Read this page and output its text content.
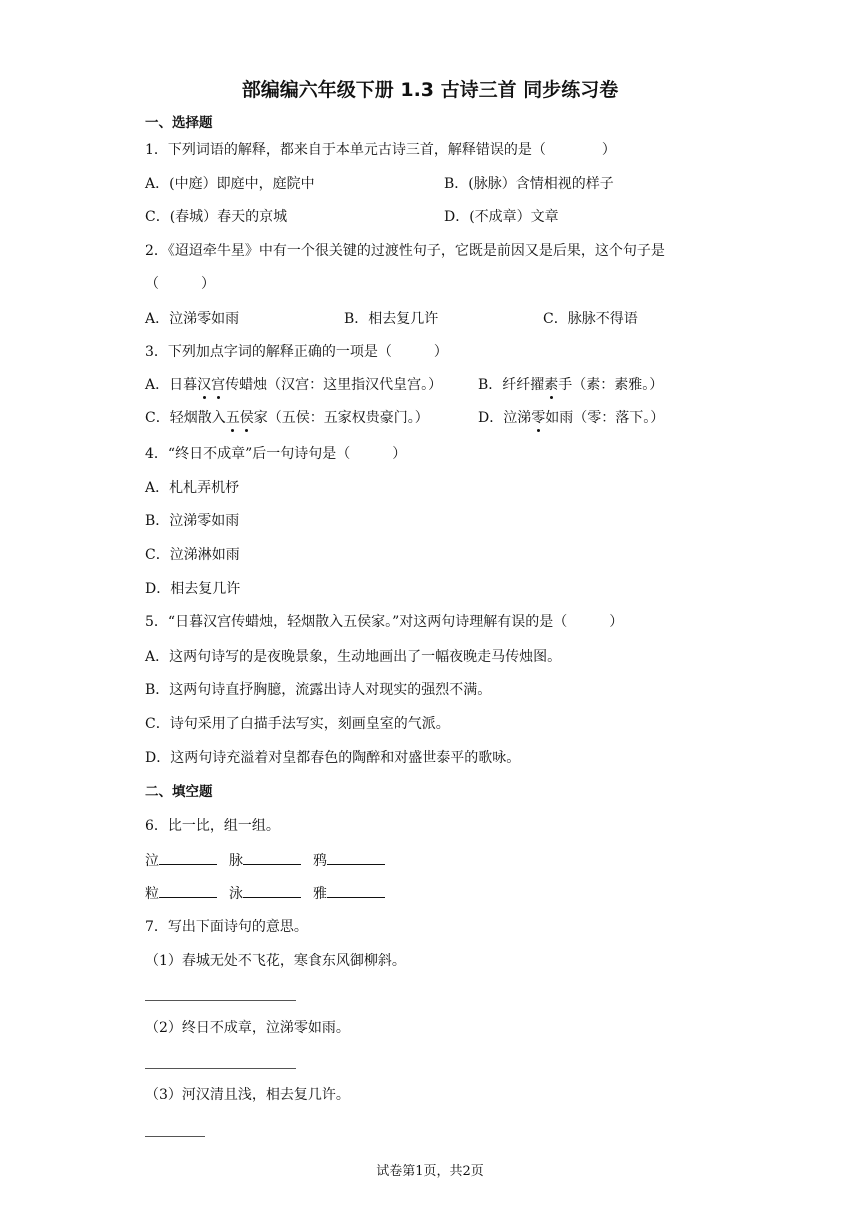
部编编六年级下册 1.3 古诗三首 同步练习卷
一、选择题
1．下列词语的解释，都来自于本单元古诗三首，解释错误的是（　　　　）
A．(中庭）即庭中，庭院中	B．(脉脉）含情相视的样子
C．(春城）春天的京城	D．(不成章）文章
2．《迢迢牵牛星》中有一个很关键的过渡性句子，它既是前因又是后果，这个句子是
（　　　）
A．泣涕零如雨	B．相去复几许	C．脉脉不得语
3．下列加点字词的解释正确的一项是（　　　）
A．日暮汉宫传蜡烛（汉宫：这里指汉代皇宫。）	B．纤纤擢素手（素：素雅。）
C．轻烟散入五侯家（五侯：五家权贵豪门。）	D．泣涕零如雨（零：落下。）
4．“终日不成章”后一句诗句是（　　　）
A．札札弄机杼
B．泣涕零如雨
C．泣涕淋如雨
D．相去复几许
5．“日暮汉宫传蜡烛，轻烟散入五侯家。”对这两句诗理解有误的是（　　　）
A．这两句诗写的是夜晚景象，生动地画出了一幅夜晚走马传烛图。
B．这两句诗直抒胸臆，流露出诗人对现实的强烈不满。
C．诗句采用了白描手法写实，刻画皇室的气派。
D．这两句诗充溢着对皇都春色的陶醉和对盛世泰平的歌咏。
二、填空题
6．比一比，组一组。
泣	脉	鸦
粒	泳	雅
7．写出下面诗句的意思。
（1）春城无处不飞花，寒食东风御柳斜。
（2）终日不成章，泣涕零如雨。
（3）河汉清且浅，相去复几许。
试卷第1页，共2页
